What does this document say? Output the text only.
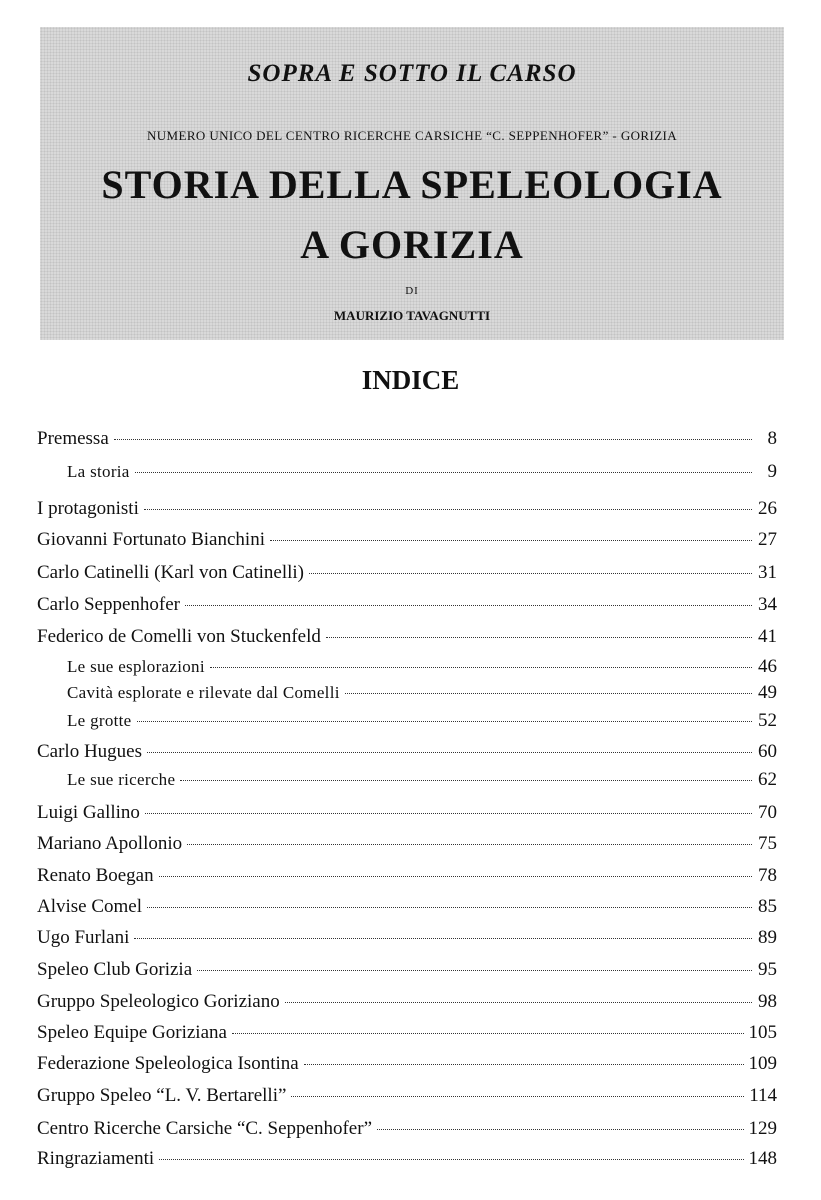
SOPRA E SOTTO IL CARSO
NUMERO UNICO DEL CENTRO RICERCHE CARSICHE “C. SEPPENHOFER” - GORIZIA
STORIA DELLA SPELEOLOGIA
A GORIZIA
DI
MAURIZIO TAVAGNUTTI
INDICE
Premessa	8
La storia	9
I protagonisti	26
Giovanni Fortunato Bianchini	27
Carlo Catinelli (Karl von Catinelli)	31
Carlo Seppenhofer	34
Federico de Comelli von Stuckenfeld	41
Le sue esplorazioni	46
Cavità esplorate e rilevate dal Comelli	49
Le grotte	52
Carlo Hugues	60
Le sue ricerche	62
Luigi Gallino	70
Mariano Apollonio	75
Renato Boegan	78
Alvise Comel	85
Ugo Furlani	89
Speleo Club Gorizia	95
Gruppo Speleologico Goriziano	98
Speleo Equipe Goriziana	105
Federazione Speleologica Isontina	109
Gruppo Speleo “L. V. Bertarelli”	114
Centro Ricerche Carsiche “C. Seppenhofer”	129
Ringraziamenti	148
